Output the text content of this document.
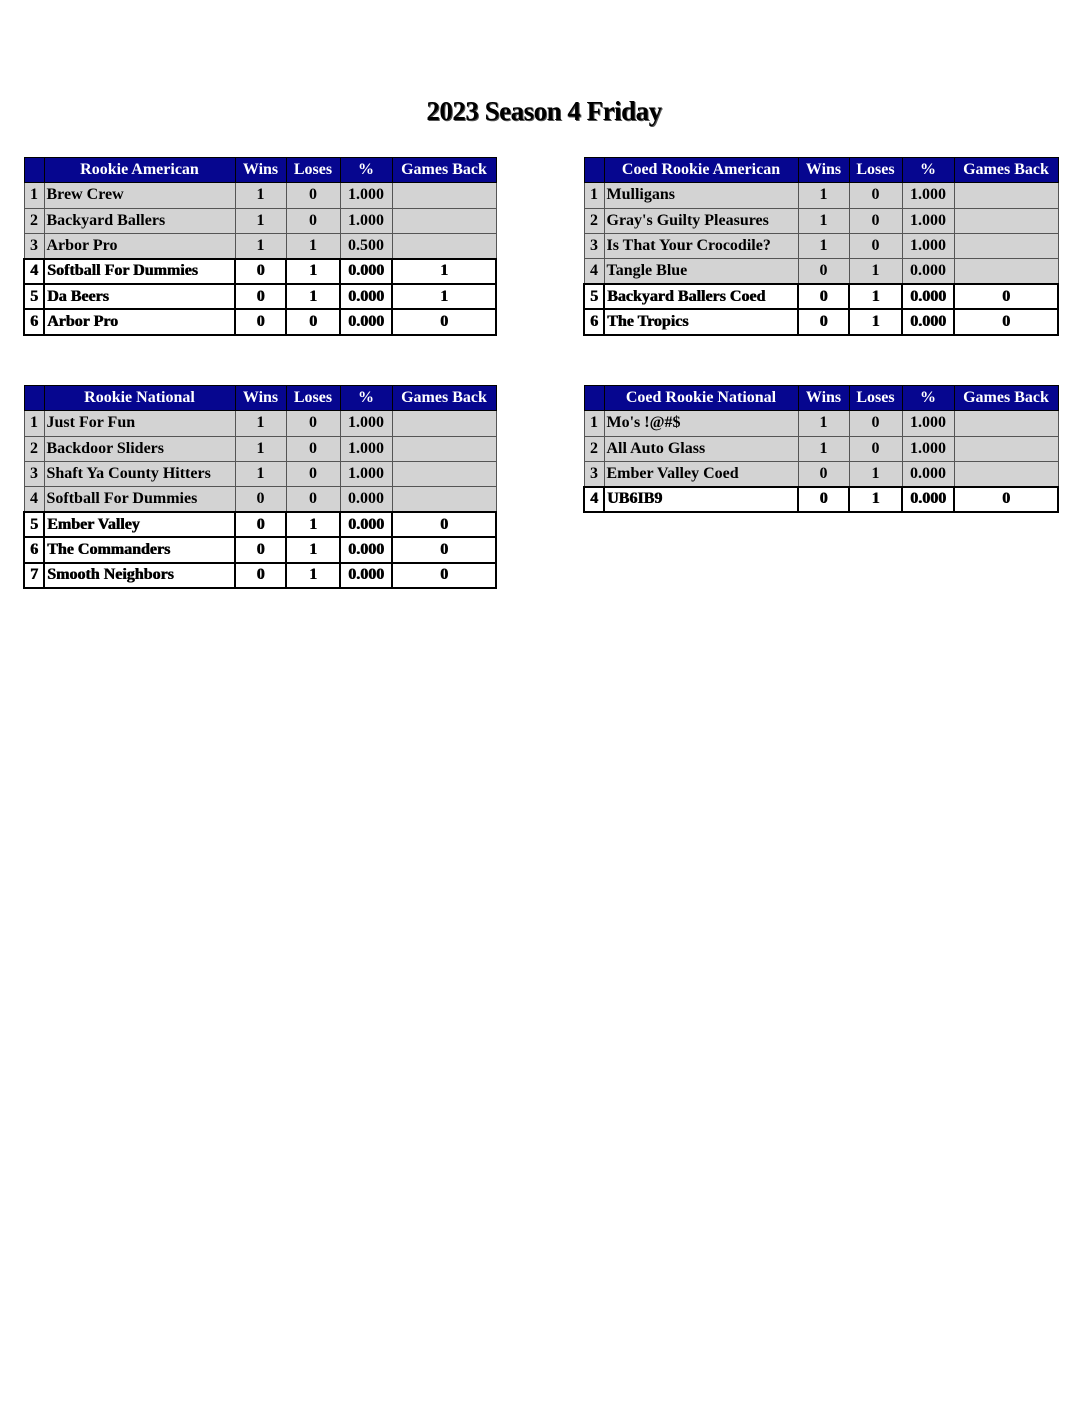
2023 Season 4 Friday
	Rookie American	Wins	Loses	%	Games Back
1	Brew Crew	1	0	1.000	
2	Backyard Ballers	1	0	1.000	
3	Arbor Pro	1	1	0.500	
4	Softball For Dummies	0	1	0.000	1
5	Da Beers	0	1	0.000	1
6	Arbor Pro	0	0	0.000	0
	Coed Rookie American	Wins	Loses	%	Games Back
1	Mulligans	1	0	1.000	
2	Gray's Guilty Pleasures	1	0	1.000	
3	Is That Your Crocodile?	1	0	1.000	
4	Tangle Blue	0	1	0.000	
5	Backyard Ballers Coed	0	1	0.000	0
6	The Tropics	0	1	0.000	0
	Rookie National	Wins	Loses	%	Games Back
1	Just For Fun	1	0	1.000	
2	Backdoor Sliders	1	0	1.000	
3	Shaft Ya County Hitters	1	0	1.000	
4	Softball For Dummies	0	0	0.000	
5	Ember Valley	0	1	0.000	0
6	The Commanders	0	1	0.000	0
7	Smooth Neighbors	0	1	0.000	0
	Coed Rookie National	Wins	Loses	%	Games Back
1	Mo's !@#$	1	0	1.000	
2	All Auto Glass	1	0	1.000	
3	Ember Valley Coed	0	1	0.000	
4	UB6IB9	0	1	0.000	0
